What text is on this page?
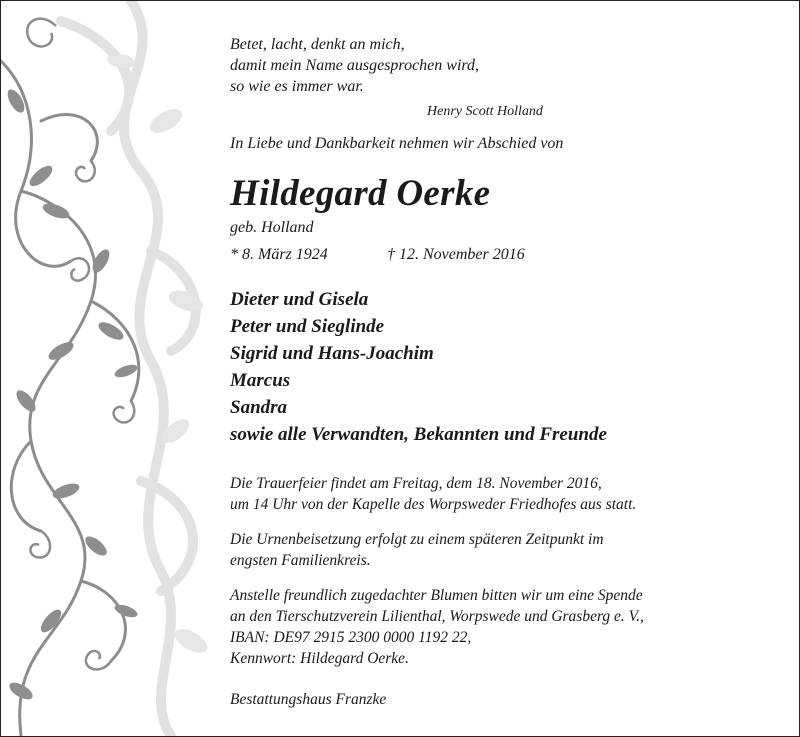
Betet, lacht, denkt an mich,
damit mein Name ausgesprochen wird,
so wie es immer war.
Henry Scott Holland
In Liebe und Dankbarkeit nehmen wir Abschied von
Hildegard Oerke
geb. Holland
* 8. März 1924	† 12. November 2016
Dieter und Gisela
Peter und Sieglinde
Sigrid und Hans-Joachim
Marcus
Sandra
sowie alle Verwandten, Bekannten und Freunde
Die Trauerfeier findet am Freitag, dem 18. November 2016,
um 14 Uhr von der Kapelle des Worpsweder Friedhofes aus statt.
Die Urnenbeisetzung erfolgt zu einem späteren Zeitpunkt im
engsten Familienkreis.
Anstelle freundlich zugedachter Blumen bitten wir um eine Spende
an den Tierschutzverein Lilienthal, Worpswede und Grasberg e. V.,
IBAN: DE97 2915 2300 0000 1192 22,
Kennwort: Hildegard Oerke.
Bestattungshaus Franzke
